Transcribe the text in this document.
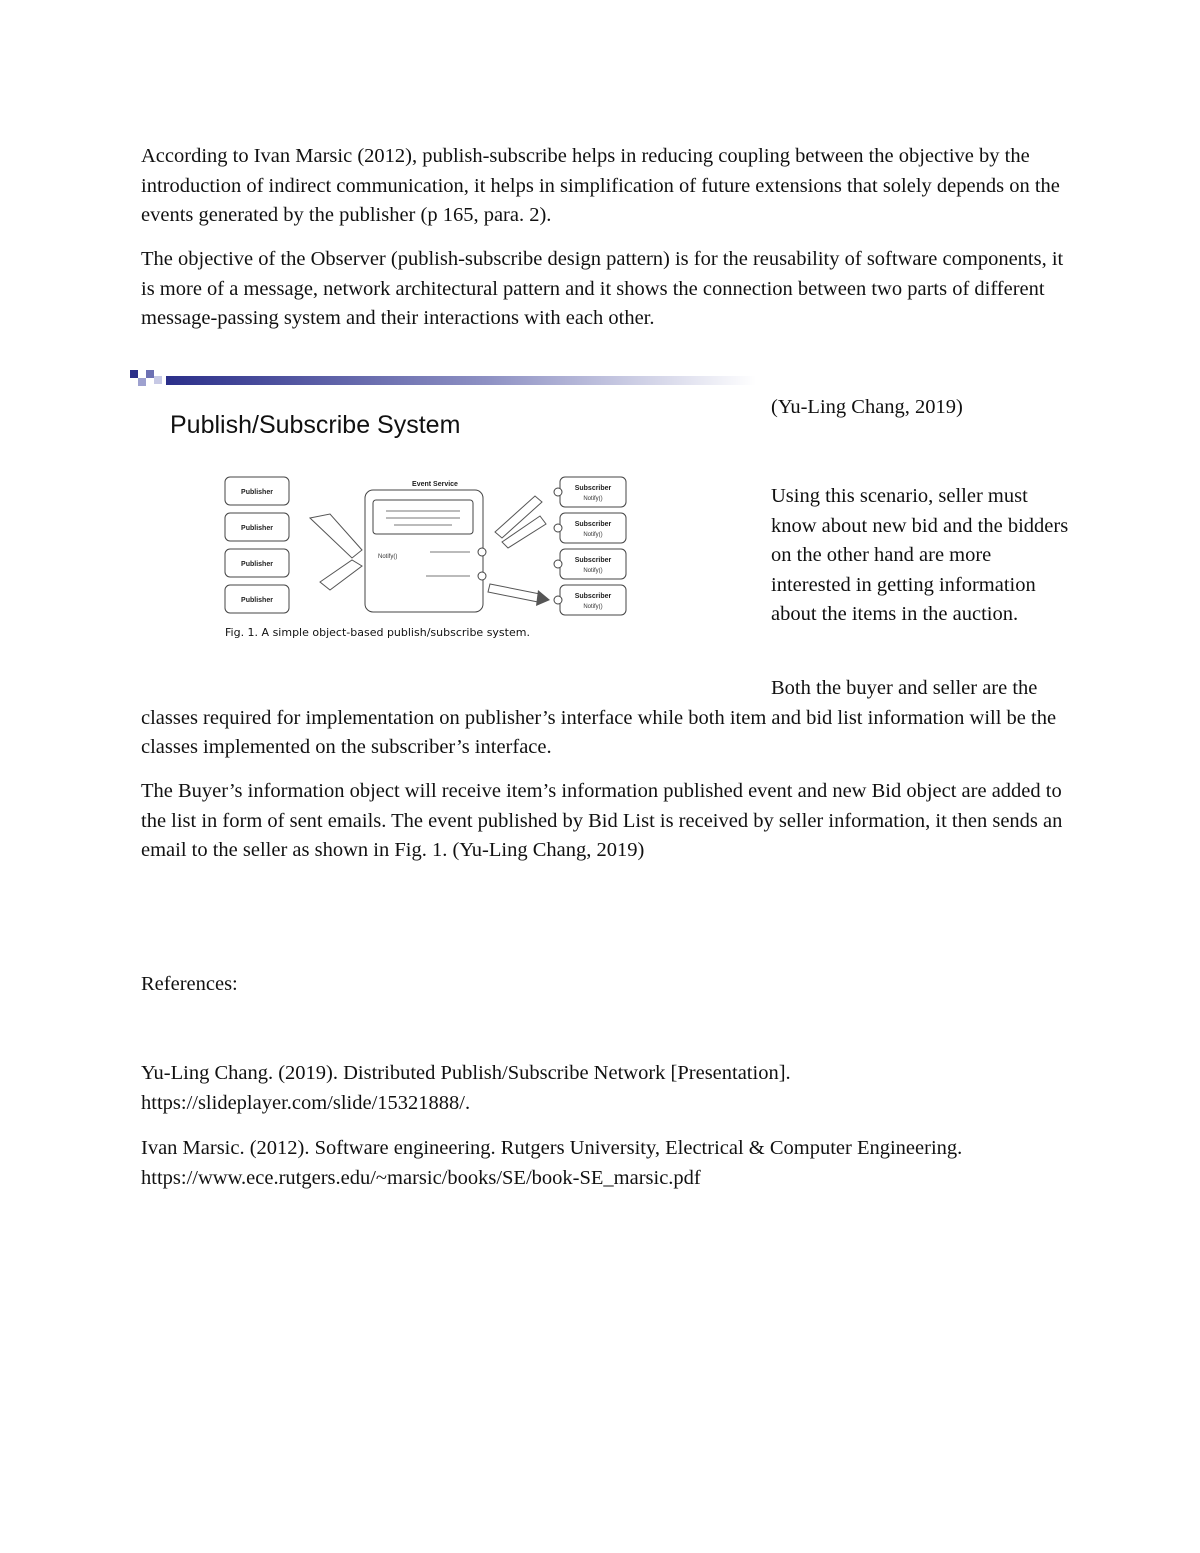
According to Ivan Marsic (2012), publish-subscribe helps in reducing coupling between the objective by the introduction of indirect communication, it helps in simplification of future extensions that solely depends on the events generated by the publisher (p 165, para. 2).

The objective of the Observer (publish-subscribe design pattern) is for the reusability of software components, it is more of a message, network architectural pattern and it shows the connection between two parts of different message-passing system and their interactions with each other.

Publish/Subscribe System
Publisher
Publisher
Publisher
Publisher
Event Service
Notify()
Subscriber
Notify()
Subscriber
Notify()
Subscriber
Notify()
Subscriber
Notify()
Fig. 1. A simple object-based publish/subscribe system.

(Yu-Ling Chang, 2019)

Using this scenario, seller must know about new bid and the bidders on the other hand are more interested in getting information about the items in the auction.

Both the buyer and seller are the classes required for implementation on publisher’s interface while both item and bid list information will be the classes implemented on the subscriber’s interface.

The Buyer’s information object will receive item’s information published event and new Bid object are added to the list in form of sent emails. The event published by Bid List is received by seller information, it then sends an email to the seller as shown in Fig. 1. (Yu-Ling Chang, 2019)

References:

Yu-Ling Chang. (2019). Distributed Publish/Subscribe Network [Presentation]. https://slideplayer.com/slide/15321888/.

Ivan Marsic. (2012). Software engineering. Rutgers University, Electrical & Computer Engineering. https://www.ece.rutgers.edu/~marsic/books/SE/book-SE_marsic.pdf
